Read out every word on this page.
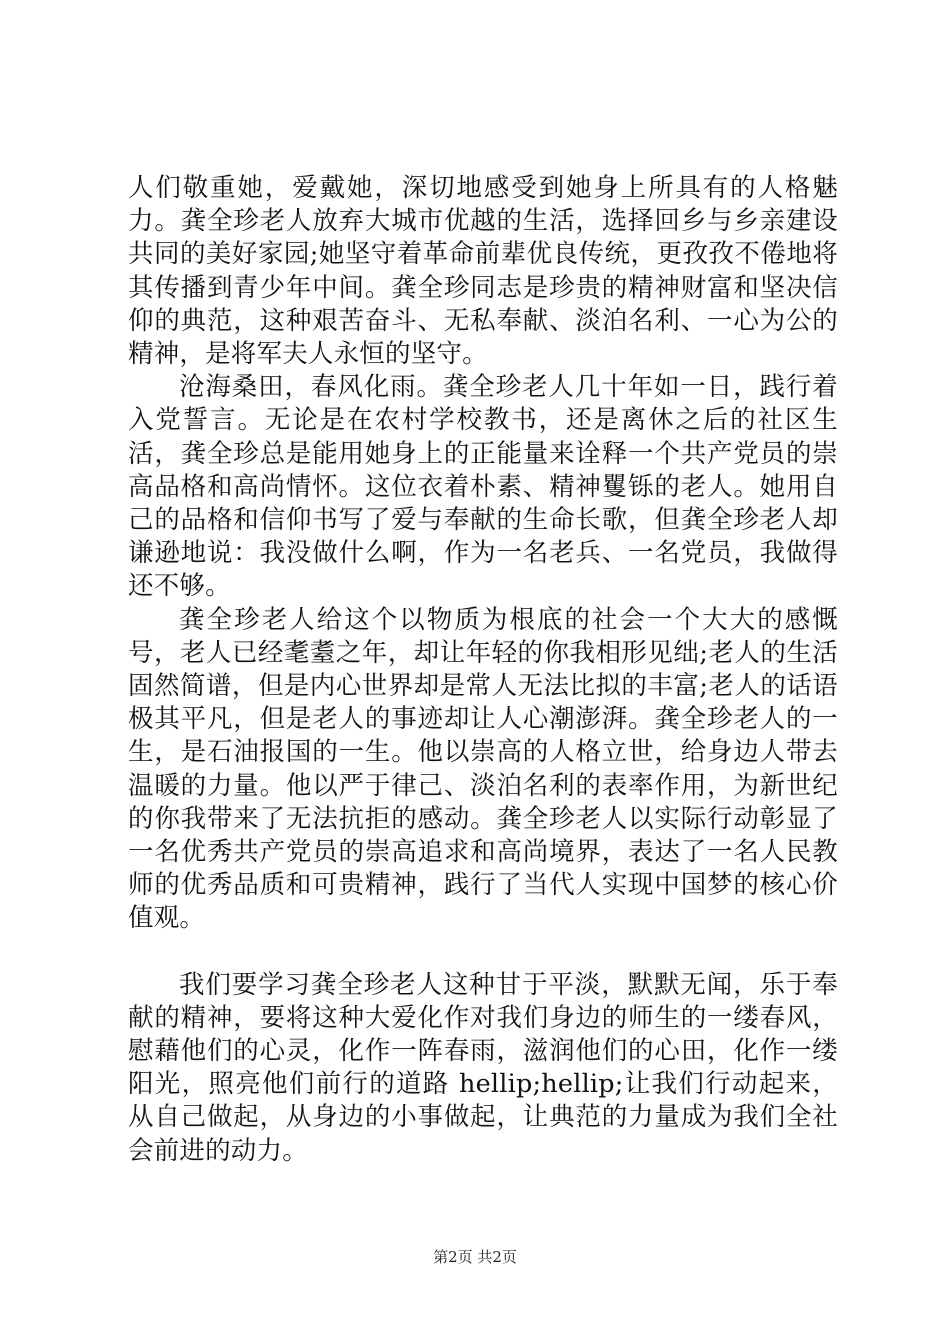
人们敬重她，爱戴她，深切地感受到她身上所具有的人格魅力。龚全珍老人放弃大城市优越的生活，选择回乡与乡亲建设共同的美好家园;她坚守着革命前辈优良传统，更孜孜不倦地将其传播到青少年中间。龚全珍同志是珍贵的精神财富和坚决信仰的典范，这种艰苦奋斗、无私奉献、淡泊名利、一心为公的精神，是将军夫人永恒的坚守。

沧海桑田，春风化雨。龚全珍老人几十年如一日，践行着入党誓言。无论是在农村学校教书，还是离休之后的社区生活，龚全珍总是能用她身上的正能量来诠释一个共产党员的崇高品格和高尚情怀。这位衣着朴素、精神矍铄的老人。她用自己的品格和信仰书写了爱与奉献的生命长歌，但龚全珍老人却谦逊地说：我没做什么啊，作为一名老兵、一名党员，我做得还不够。

龚全珍老人给这个以物质为根底的社会一个大大的感慨号，老人已经耄耋之年，却让年轻的你我相形见绌;老人的生活固然简谱，但是内心世界却是常人无法比拟的丰富;老人的话语极其平凡，但是老人的事迹却让人心潮澎湃。龚全珍老人的一生，是石油报国的一生。他以崇高的人格立世，给身边人带去温暖的力量。他以严于律己、淡泊名利的表率作用，为新世纪的你我带来了无法抗拒的感动。龚全珍老人以实际行动彰显了一名优秀共产党员的崇高追求和高尚境界，表达了一名人民教师的优秀品质和可贵精神，践行了当代人实现中国梦的核心价值观。

我们要学习龚全珍老人这种甘于平淡，默默无闻，乐于奉献的精神，要将这种大爱化作对我们身边的师生的一缕春风，慰藉他们的心灵，化作一阵春雨，滋润他们的心田，化作一缕阳光，照亮他们前行的道路 hellip;hellip;让我们行动起来，从自己做起，从身边的小事做起，让典范的力量成为我们全社会前进的动力。

第2页 共2页
